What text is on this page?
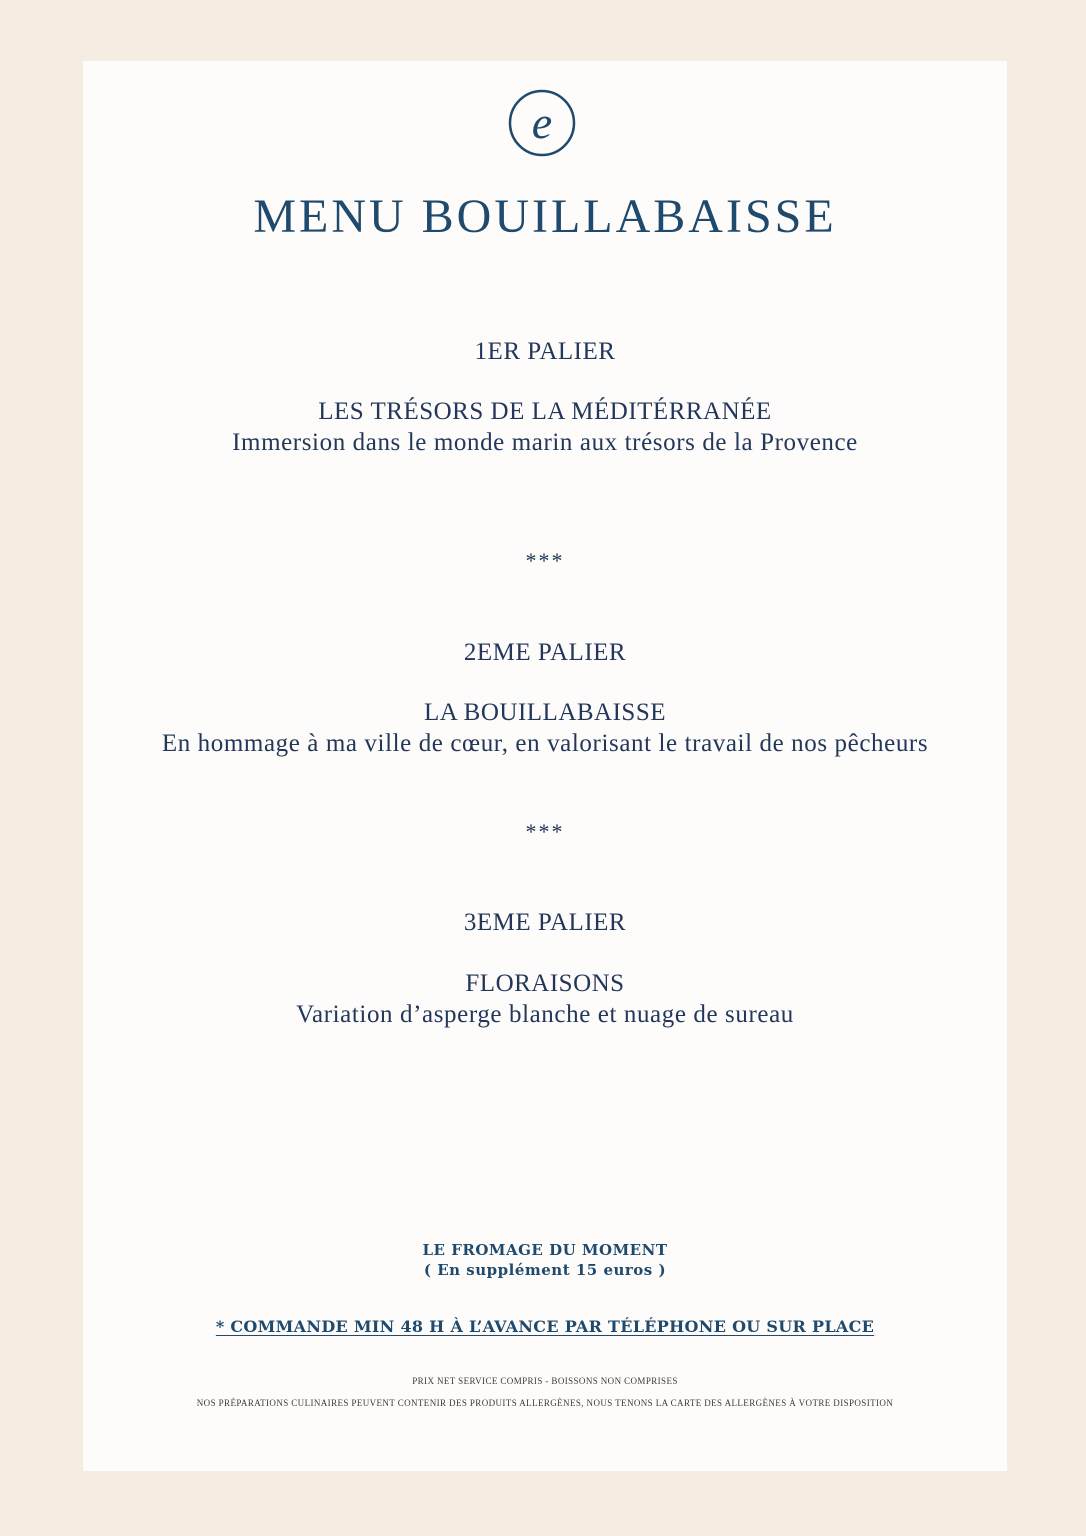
e
MENU BOUILLABAISSE
1ER PALIER
LES TRÉSORS DE LA MÉDITÉRRANÉE
Immersion dans le monde marin aux trésors de la Provence
***
2EME PALIER
LA BOUILLABAISSE
En hommage à ma ville de cœur, en valorisant le travail de nos pêcheurs
***
3EME PALIER
FLORAISONS
Variation d’asperge blanche et nuage de sureau
LE FROMAGE DU MOMENT
( En supplément 15 euros )
* COMMANDE MIN 48 H À L’AVANCE PAR TÉLÉPHONE OU SUR PLACE
PRIX NET SERVICE COMPRIS - BOISSONS NON COMPRISES
NOS PRÉPARATIONS CULINAIRES PEUVENT CONTENIR DES PRODUITS ALLERGÈNES, NOUS TENONS LA CARTE DES ALLERGÈNES À VOTRE DISPOSITION
